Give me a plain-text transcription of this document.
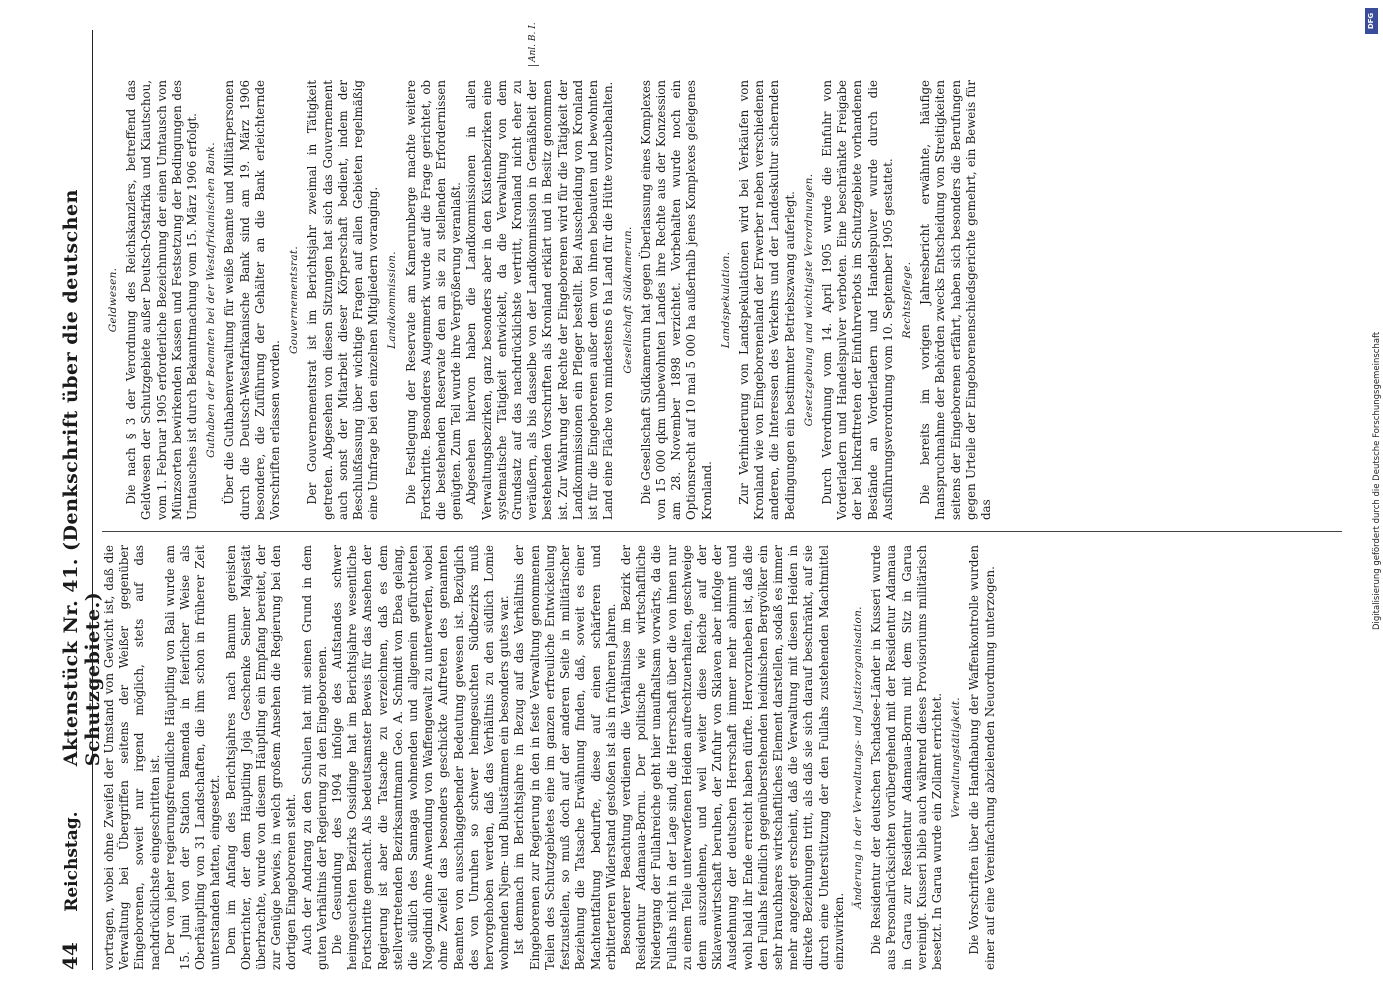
44
Reichstag.
Aktenstück Nr. 41. (Denkschrift über die deutschen Schutzgebiete.)

vortragen, wobei ohne Zweifel der Umstand von Gewicht ist, daß die Verwaltung bei Übergriffen seitens der Weißer gegenüber Eingeborenen, soweit nur irgend möglich, stets auf das nachdrücklichste eingeschritten ist. Der von jeher regierungsfreundliche Häuptling von Bali wurde am 15. Juni von der Station Bamenda in feierlicher Weise als Oberhäuptling von 31 Landschaften, die ihm schon in früherer Zeit unterstanden hatten, eingesetzt. Dem im Anfang des Berichtsjahres nach Bamum gereisten Oberrichter, der dem Häuptling Joja Geschenke Seiner Majestät überbrachte, wurde von diesem Häuptling ein Empfang bereitet, der zur Genüge bewies, in welch großem Ansehen die Regierung bei den dortigen Eingeborenen steht. Auch der Andrang zu den Schulen hat mit seinen Grund in dem guten Verhältnis der Regierung zu den Eingeborenen. Die Gesundung des 1904 infolge des Aufstandes schwer heimgesuchten Bezirks Ossidinge hat im Berichtsjahre wesentliche Fortschritte gemacht. Als bedeutsamster Beweis für das Ansehen der Regierung ist aber die Tatsache zu verzeichnen, daß es dem stellvertretenden Bezirksamtmann Geo. A. Schmidt von Ebea gelang, die südlich des Sannaga wohnenden und allgemein gefürchteten Nogodindi ohne Anwendung von Waffengewalt zu unterwerfen, wobei ohne Zweifel das besonders geschickte Auftreten des genannten Beamten von ausschlaggebender Bedeutung gewesen ist. Bezüglich des von Unruhen so schwer heimgesuchten Südbezirks muß hervorgehoben werden, daß das Verhältnis zu den südlich Lomie wohnenden Njem- und Bulustämmen ein besonders gutes war. Ist demnach im Berichtsjahre in Bezug auf das Verhältnis der Eingeborenen zur Regierung in den in feste Verwaltung genommenen Teilen des Schutzgebietes eine im ganzen erfreuliche Entwickelung festzustellen, so muß doch auf der anderen Seite in militärischer Beziehung die Tatsache Erwähnung finden, daß, soweit es einer Machtentfaltung bedurfte, diese auf einen schärferen und erbitterteren Widerstand gestoßen ist als in früheren Jahren. Besonderer Beachtung verdienen die Verhältnisse im Bezirk der Residentur Adamaua-Bornu. Der politische wie wirtschaftliche Niedergang der Fullahreiche geht hier unaufhaltsam vorwärts, da die Fullahs nicht in der Lage sind, die Herrschaft über die von ihnen nur zu einem Teile unterworfenen Heiden aufrechtzuerhalten, geschweige denn auszudehnen, und weil weiter diese Reiche auf der Sklavenwirtschaft beruhen, der Zufuhr von Sklaven aber infolge der Ausdehnung der deutschen Herrschaft immer mehr abnimmt und wohl bald ihr Ende erreicht haben dürfte. Hervorzuheben ist, daß die den Fullahs feindlich gegenüberstehenden heidnischen Bergvölker ein sehr brauchbares wirtschaftliches Element darstellen, sodaß es immer mehr angezeigt erscheint, daß die Verwaltung mit diesen Heiden in direkte Beziehungen tritt, als daß sie sich darauf beschränkt, auf sie durch eine Unterstützung der den Fullahs zustehenden Machtmittel einzuwirken.

Änderung in der Verwaltungs- und Justizorganisation. Die Residentur der deutschen Tschadsee-Länder in Kusseri wurde aus Personalrücksichten vorübergehend mit der Residentur Adamaua in Garua zur Residentur Adamaua-Bornu mit dem Sitz in Garua vereinigt. Kusseri blieb auch während dieses Provisoriums militärisch besetzt. In Garua wurde ein Zollamt errichtet. Verwaltungstätigkeit. Die Vorschriften über die Handhabung der Waffenkontrolle wurden einer auf eine Vereinfachung abzielenden Neuordnung unterzogen.

Geldwesen. Die nach § 3 der Verordnung des Reichskanzlers, betreffend das Geldwesen der Schutzgebiete außer Deutsch-Ostafrika und Kiautschou, vom 1. Februar 1905 erforderliche Bezeichnung der einen Umtausch von Münzsorten bewirkenden Kassen und Festsetzung der Bedingungen des Umtausches ist durch Bekanntmachung vom 15. März 1906 erfolgt. Guthaben der Beamten bei der Westafrikanischen Bank. Über die Guthabenverwaltung für weiße Beamte und Militärpersonen durch die Deutsch-Westafrikanische Bank sind am 19. März 1906 besondere, die Zuführung der Gehälter an die Bank erleichternde Vorschriften erlassen worden.

Gouvernementsrat. Der Gouvernementsrat ist im Berichtsjahr zweimal in Tätigkeit getreten. Abgesehen von diesen Sitzungen hat sich das Gouvernement auch sonst der Mitarbeit dieser Körperschaft bedient, indem der Beschlußfassung über wichtige Fragen auf allen Gebieten regelmäßig eine Umfrage bei den einzelnen Mitgliedern voranging. Landkommission. Die Festlegung der Reservate am Kamerunberge machte weitere Fortschritte. Besonderes Augenmerk wurde auf die Frage gerichtet, ob die bestehenden Reservate den an sie zu stellenden Erfordernissen genügten. Zum Teil wurde ihre Vergrößerung veranlaßt. Abgesehen hiervon haben die Landkommissionen in allen Verwaltungsbezirken, ganz besonders aber in den Küstenbezirken eine systematische Tätigkeit entwickelt, da die Verwaltung von dem Grundsatz auf das nachdrücklichste vertritt, Kronland nicht eher zu veräußern, als bis dasselbe von der Landkommission in Gemäßheit der bestehenden Vorschriften als Kronland erklärt und in Besitz genommen ist. Zur Wahrung der Rechte der Eingeborenen wird für die Tätigkeit der Landkommissionen ein Pfleger bestellt. Bei Ausscheidung von Kronland ist für die Eingeborenen außer dem von ihnen bebauten und bewohnten Land eine Fläche von mindestens 6 ha Land für die Hütte vorzubehalten. Gesellschaft Südkamerun. Die Gesellschaft Südkamerun hat gegen Überlassung eines Komplexes von 15 000 qkm unbewohnten Landes ihre Rechte aus der Konzession am 28. November 1898 verzichtet. Vorbehalten wurde noch ein Optionsrecht auf 10 mal 5 000 ha außerhalb jenes Komplexes gelegenes Kronland.

Landspekulation. Zur Verhinderung von Landspekulationen wird bei Verkäufen von Kronland wie von Eingeborenenland der Erwerber neben verschiedenen anderen, die Interessen des Verkehrs und der Landeskultur sichernden Bedingungen ein bestimmter Betriebszwang auferlegt. Gesetzgebung und wichtigste Verordnungen. Durch Verordnung vom 14. April 1905 wurde die Einfuhr von Vorderladern und Handelspulver verboten. Eine beschränkte Freigabe der bei Inkrafttreten der Einfuhrverbots im Schutzgebiete vorhandenen Bestände an Vorderladern und Handelspulver wurde durch die Ausführungsverordnung vom 10. September 1905 gestattet. Rechtspflege. Die bereits im vorigen Jahresbericht erwähnte, häufige Inanspruchnahme der Behörden zwecks Entscheidung von Streitigkeiten seitens der Eingeborenen erfährt, haben sich besonders die Berufungen gegen Urteile der Eingeborenenschiedsgerichte gemehrt, ein Beweis für das

Anl. B. I.
DFG
Digitalisierung gefördert durch die Deutsche Forschungsgemeinschaft
